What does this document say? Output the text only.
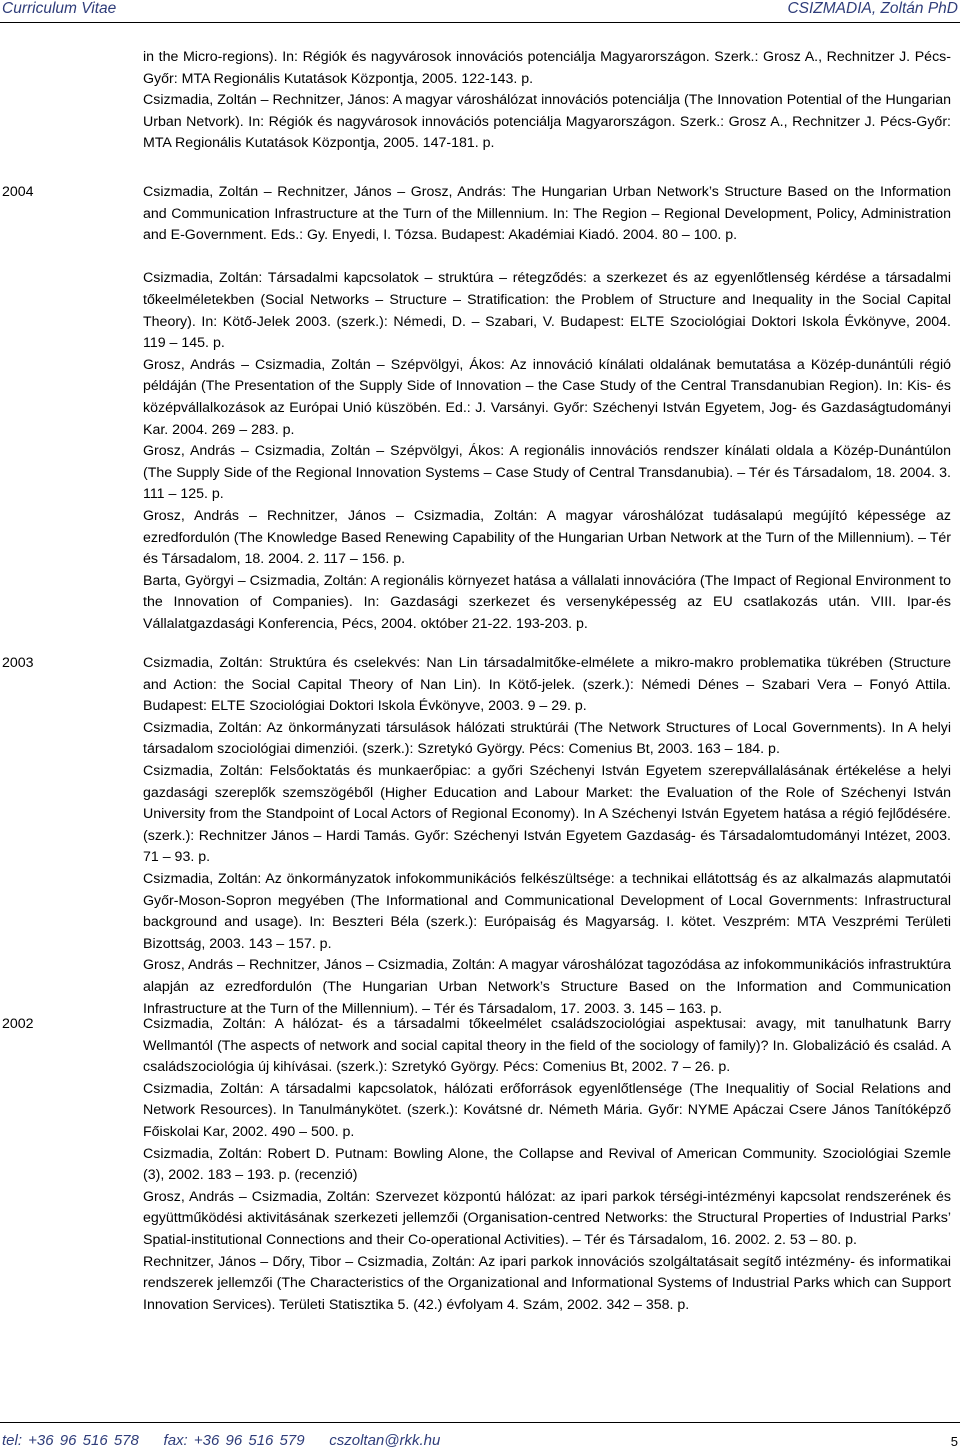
Curriculum Vitae	CSIZMADIA, Zoltán PhD

in the Micro-regions). In: Régiók és nagyvárosok innovációs potenciálja Magyarországon. Szerk.: Grosz A., Rechnitzer J. Pécs-Győr: MTA Regionális Kutatások Központja, 2005. 122-143. p.

Csizmadia, Zoltán – Rechnitzer, János: A magyar városhálózat innovációs potenciálja (The Innovation Potential of the Hungarian Urban Netvork). In: Régiók és nagyvárosok innovációs potenciálja Magyarországon. Szerk.: Grosz A., Rechnitzer J. Pécs-Győr: MTA Regionális Kutatások Központja, 2005. 147-181. p.

2004	Csizmadia, Zoltán – Rechnitzer, János – Grosz, András: The Hungarian Urban Network’s Structure Based on the Information and Communication Infrastructure at the Turn of the Millennium. In: The Region – Regional Development, Policy, Administration and E-Government. Eds.: Gy. Enyedi, I. Tózsa. Budapest: Akadémiai Kiadó. 2004. 80 – 100. p.

Csizmadia, Zoltán: Társadalmi kapcsolatok – struktúra – rétegződés: a szerkezet és az egyenlőtlenség kérdése a társadalmi tőkeelméletekben (Social Networks – Structure – Stratification: the Problem of Structure and Inequality in the Social Capital Theory). In: Kötő-Jelek 2003. (szerk.): Némedi, D. – Szabari, V. Budapest: ELTE Szociológiai Doktori Iskola Évkönyve, 2004. 119 – 145. p.

Grosz, András – Csizmadia, Zoltán – Szépvölgyi, Ákos: Az innováció kínálati oldalának bemutatása a Közép-dunántúli régió példáján (The Presentation of the Supply Side of Innovation – the Case Study of the Central Transdanubian Region). In: Kis- és középvállalkozások az Európai Unió küszöbén. Ed.: J. Varsányi. Győr: Széchenyi István Egyetem, Jog- és Gazdaságtudományi Kar. 2004. 269 – 283. p.

Grosz, András – Csizmadia, Zoltán – Szépvölgyi, Ákos: A regionális innovációs rendszer kínálati oldala a Közép-Dunántúlon (The Supply Side of the Regional Innovation Systems – Case Study of Central Transdanubia). – Tér és Társadalom, 18. 2004. 3. 111 – 125. p.

Grosz, András – Rechnitzer, János – Csizmadia, Zoltán: A magyar városhálózat tudásalapú megújító képessége az ezredfordulón (The Knowledge Based Renewing Capability of the Hungarian Urban Network at the Turn of the Millennium). – Tér és Társadalom, 18. 2004. 2. 117 – 156. p.

Barta, Györgyi – Csizmadia, Zoltán: A regionális környezet hatása a vállalati innovációra (The Impact of Regional Environment to the Innovation of Companies). In: Gazdasági szerkezet és versenyképesség az EU csatlakozás után. VIII. Ipar-és Vállalatgazdasági Konferencia, Pécs, 2004. október 21-22. 193-203. p.

2003	Csizmadia, Zoltán: Struktúra és cselekvés: Nan Lin társadalmitőke-elmélete a mikro-makro problematika tükrében (Structure and Action: the Social Capital Theory of Nan Lin). In Kötő-jelek. (szerk.): Némedi Dénes – Szabari Vera – Fonyó Attila. Budapest: ELTE Szociológiai Doktori Iskola Évkönyve, 2003. 9 – 29. p.

Csizmadia, Zoltán: Az önkormányzati társulások hálózati struktúrái (The Network Structures of Local Governments). In A helyi társadalom szociológiai dimenziói. (szerk.): Szretykó György. Pécs: Comenius Bt, 2003. 163 – 184. p.

Csizmadia, Zoltán: Felsőoktatás és munkaerőpiac: a győri Széchenyi István Egyetem szerepvállalásának értékelése a helyi gazdasági szereplők szemszögéből (Higher Education and Labour Market: the Evaluation of the Role of Széchenyi István University from the Standpoint of Local Actors of Regional Economy). In A Széchenyi István Egyetem hatása a régió fejlődésére. (szerk.): Rechnitzer János – Hardi Tamás. Győr: Széchenyi István Egyetem Gazdaság- és Társadalomtudományi Intézet, 2003. 71 – 93. p.

Csizmadia, Zoltán: Az önkormányzatok infokommunikációs felkészültsége: a technikai ellátottság és az alkalmazás alapmutatói Győr-Moson-Sopron megyében (The Informational and Communicational Development of Local Governments: Infrastructural background and usage). In: Beszteri Béla (szerk.): Európaiság és Magyarság. I. kötet. Veszprém: MTA Veszprémi Területi Bizottság, 2003. 143 – 157. p.

Grosz, András – Rechnitzer, János – Csizmadia, Zoltán: A magyar városhálózat tagozódása az infokommunikációs infrastruktúra alapján az ezredfordulón (The Hungarian Urban Network’s Structure Based on the Information and Communication Infrastructure at the Turn of the Millennium). – Tér és Társadalom, 17. 2003. 3. 145 – 163. p.

2002	Csizmadia, Zoltán: A hálózat- és a társadalmi tőkeelmélet családszociológiai aspektusai: avagy, mit tanulhatunk Barry Wellmantól (The aspects of network and social capital theory in the field of the sociology of family)? In. Globalizáció és család. A családszociológia új kihívásai. (szerk.): Szretykó György. Pécs: Comenius Bt, 2002. 7 – 26. p.

Csizmadia, Zoltán: A társadalmi kapcsolatok, hálózati erőforrások egyenlőtlensége (The Inequalitiy of Social Relations and Network Resources). In Tanulmánykötet. (szerk.): Kovátsné dr. Németh Mária. Győr: NYME Apáczai Csere János Tanítóképző Főiskolai Kar, 2002. 490 – 500. p.

Csizmadia, Zoltán: Robert D. Putnam: Bowling Alone, the Collapse and Revival of American Community. Szociológiai Szemle (3), 2002. 183 – 193. p. (recenzió)

Grosz, András – Csizmadia, Zoltán: Szervezet központú hálózat: az ipari parkok térségi-intézményi kapcsolat rendszerének és együttműködési aktivitásának szerkezeti jellemzői (Organisation-centred Networks: the Structural Properties of Industrial Parks’ Spatial-institutional Connections and their Co-operational Activities). – Tér és Társadalom, 16. 2002. 2. 53 – 80. p.

Rechnitzer, János – Dőry, Tibor – Csizmadia, Zoltán: Az ipari parkok innovációs szolgáltatásait segítő intézmény- és informatikai rendszerek jellemzői (The Characteristics of the Organizational and Informational Systems of Industrial Parks which can Support Innovation Services). Területi Statisztika 5. (42.) évfolyam 4. Szám, 2002. 342 – 358. p.

tel: +36 96 516 578 fax: +36 96 516 579 cszoltan@rkk.hu	5
